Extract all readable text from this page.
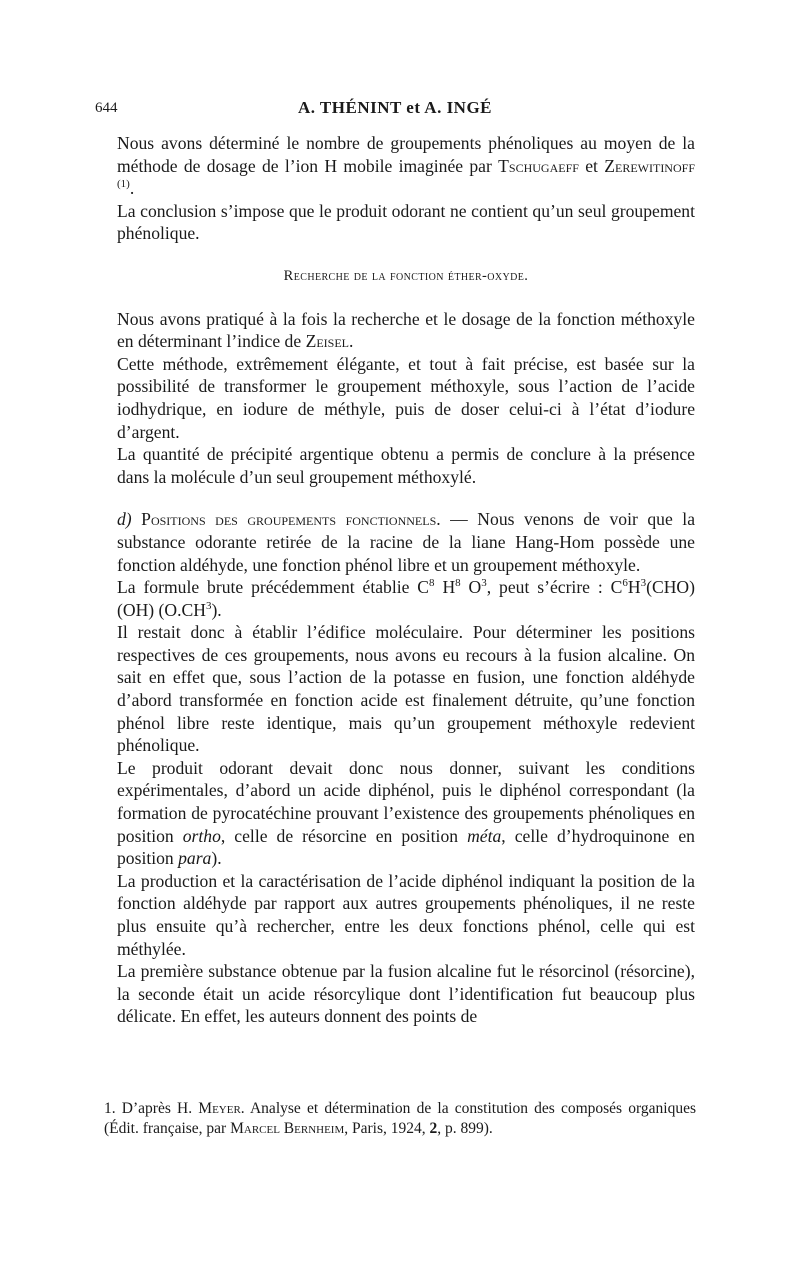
644	A. THÉNINT et A. INGÉ

Nous avons déterminé le nombre de groupements phénoliques au moyen de la méthode de dosage de l’ion H mobile imaginée par Tschugaeff et Zerewitinoff $^{(1)}$.

La conclusion s’impose que le produit odorant ne contient qu’un seul groupement phénolique.

Recherche de la fonction éther-oxyde.

Nous avons pratiqué à la fois la recherche et le dosage de la fonction méthoxyle en déterminant l’indice de Zeisel.

Cette méthode, extrêmement élégante, et tout à fait précise, est basée sur la possibilité de transformer le groupement méthoxyle, sous l’action de l’acide iodhydrique, en iodure de méthyle, puis de doser celui-ci à l’état d’iodure d’argent.

La quantité de précipité argentique obtenu a permis de conclure à la présence dans la molécule d’un seul groupement méthoxylé.

d) Positions des groupements fonctionnels. — Nous venons de voir que la substance odorante retirée de la racine de la liane Hang-Hom possède une fonction aldéhyde, une fonction phénol libre et un groupement méthoxyle.

La formule brute précédemment établie $C^8$ $H^8$ $O^3$, peut s’écrire : $C^6H^3(CHO)$ (OH) $(O.CH^3)$.

Il restait donc à établir l’édifice moléculaire. Pour déterminer les positions respectives de ces groupements, nous avons eu recours à la fusion alcaline. On sait en effet que, sous l’action de la potasse en fusion, une fonction aldéhyde d’abord transformée en fonction acide est finalement détruite, qu’une fonction phénol libre reste identique, mais qu’un groupement méthoxyle redevient phénolique.

Le produit odorant devait donc nous donner, suivant les conditions expérimentales, d’abord un acide diphénol, puis le diphénol correspondant (la formation de pyrocatéchine prouvant l’existence des groupements phénoliques en position ortho, celle de résorcine en position méta, celle d’hydroquinone en position para).

La production et la caractérisation de l’acide diphénol indiquant la position de la fonction aldéhyde par rapport aux autres groupements phénoliques, il ne reste plus ensuite qu’à rechercher, entre les deux fonctions phénol, celle qui est méthylée.

La première substance obtenue par la fusion alcaline fut le résorcinol (résorcine), la seconde était un acide résorcylique dont l’identification fut beaucoup plus délicate. En effet, les auteurs donnent des points de

1. D’après H. Meyer. Analyse et détermination de la constitution des composés organiques (Édit. française, par Marcel Bernheim, Paris, 1924, 2, p. 899).
